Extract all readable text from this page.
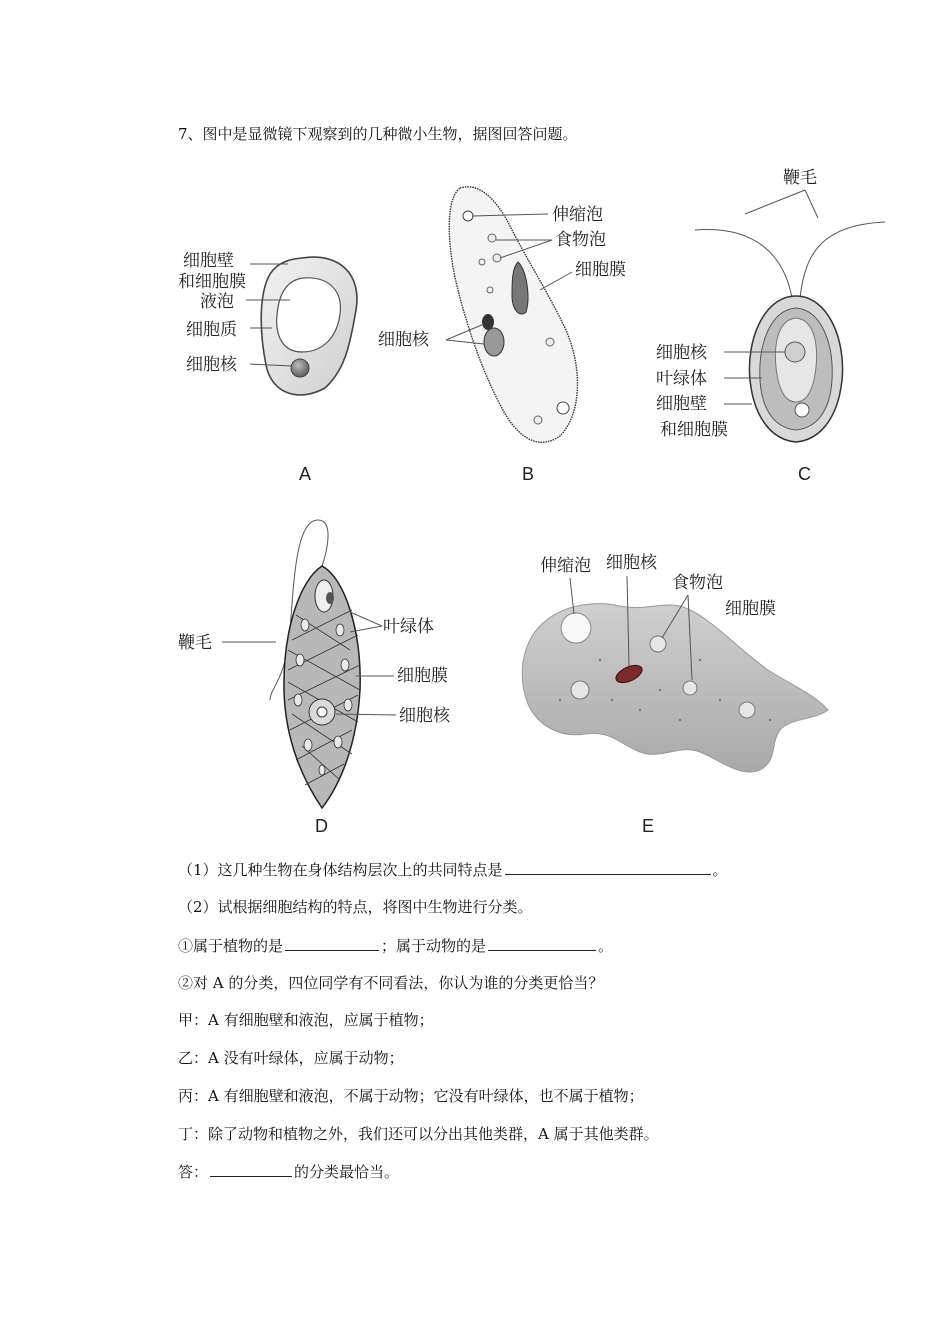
7、图中是显微镜下观察到的几种微小生物，据图回答问题。
细胞壁
和细胞膜
液泡
细胞质
细胞核
A
伸缩泡
食物泡
细胞膜
细胞核
B
鞭毛
细胞核
叶绿体
细胞壁
和细胞膜
C
鞭毛
叶绿体
细胞膜
细胞核
D
伸缩泡 细胞核
食物泡
细胞膜
E
（1）这几种生物在身体结构层次上的共同特点是	。
（2）试根据细胞结构的特点，将图中生物进行分类。
①属于植物的是	；属于动物的是	。
②对 A 的分类，四位同学有不同看法，你认为谁的分类更恰当？
甲：A 有细胞壁和液泡，应属于植物；
乙：A 没有叶绿体，应属于动物；
丙：A 有细胞壁和液泡，不属于动物；它没有叶绿体，也不属于植物；
丁：除了动物和植物之外，我们还可以分出其他类群，A 属于其他类群。
答：	的分类最恰当。
